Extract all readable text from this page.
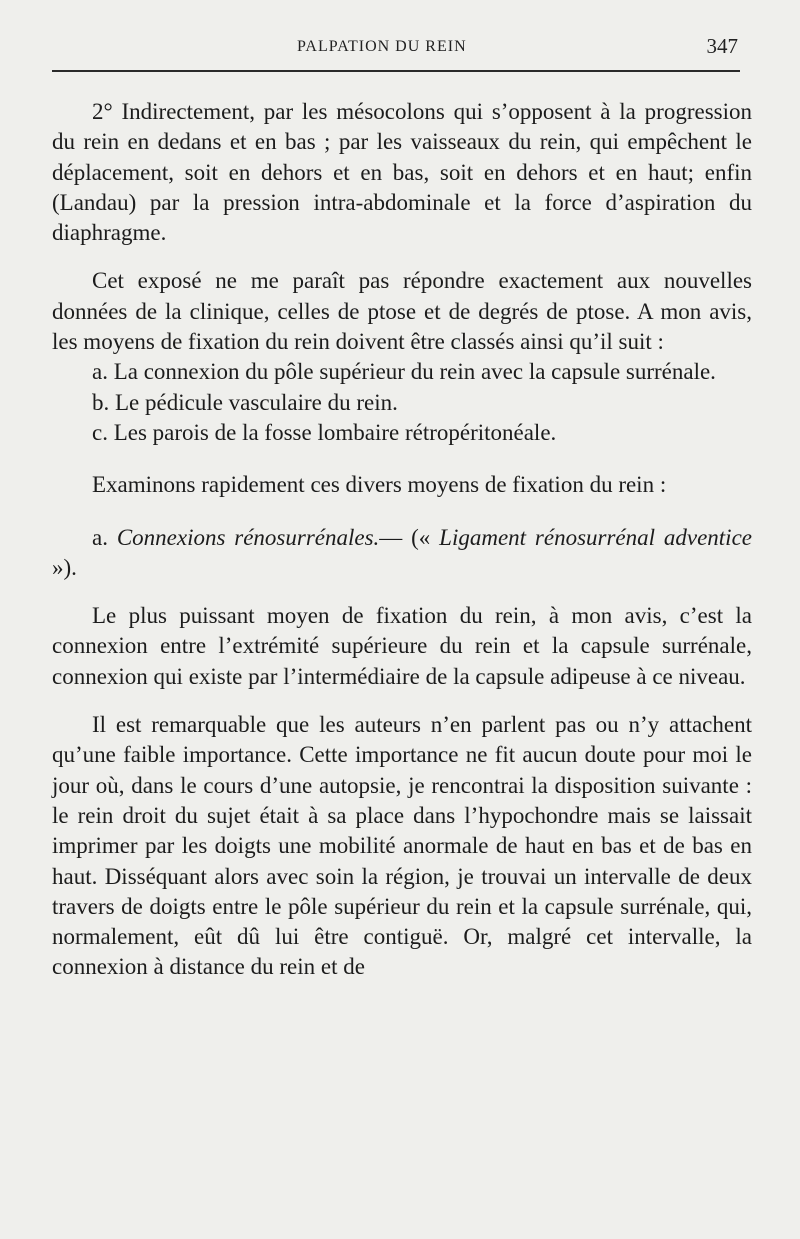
PALPATION DU REIN	347

2° Indirectement, par les mésocolons qui s’opposent à la progression du rein en dedans et en bas ; par les vaisseaux du rein, qui empêchent le déplacement, soit en dehors et en bas, soit en dehors et en haut; enfin (Landau) par la pression intra-abdominale et la force d’aspiration du diaphragme.

Cet exposé ne me paraît pas répondre exactement aux nouvelles données de la clinique, celles de ptose et de degrés de ptose. A mon avis, les moyens de fixation du rein doivent être classés ainsi qu’il suit :

a. La connexion du pôle supérieur du rein avec la capsule surrénale.

b. Le pédicule vasculaire du rein.

c. Les parois de la fosse lombaire rétropéritonéale.

Examinons rapidement ces divers moyens de fixation du rein :

a. Connexions rénosurrénales.— (« Ligament rénosurrénal adventice »).

Le plus puissant moyen de fixation du rein, à mon avis, c’est la connexion entre l’extrémité supérieure du rein et la capsule surrénale, connexion qui existe par l’intermédiaire de la capsule adipeuse à ce niveau.

Il est remarquable que les auteurs n’en parlent pas ou n’y attachent qu’une faible importance. Cette importance ne fit aucun doute pour moi le jour où, dans le cours d’une autopsie, je rencontrai la disposition suivante : le rein droit du sujet était à sa place dans l’hypochondre mais se laissait imprimer par les doigts une mobilité anormale de haut en bas et de bas en haut. Disséquant alors avec soin la région, je trouvai un intervalle de deux travers de doigts entre le pôle supérieur du rein et la capsule surrénale, qui, normalement, eût dû lui être contiguë. Or, malgré cet intervalle, la connexion à distance du rein et de
